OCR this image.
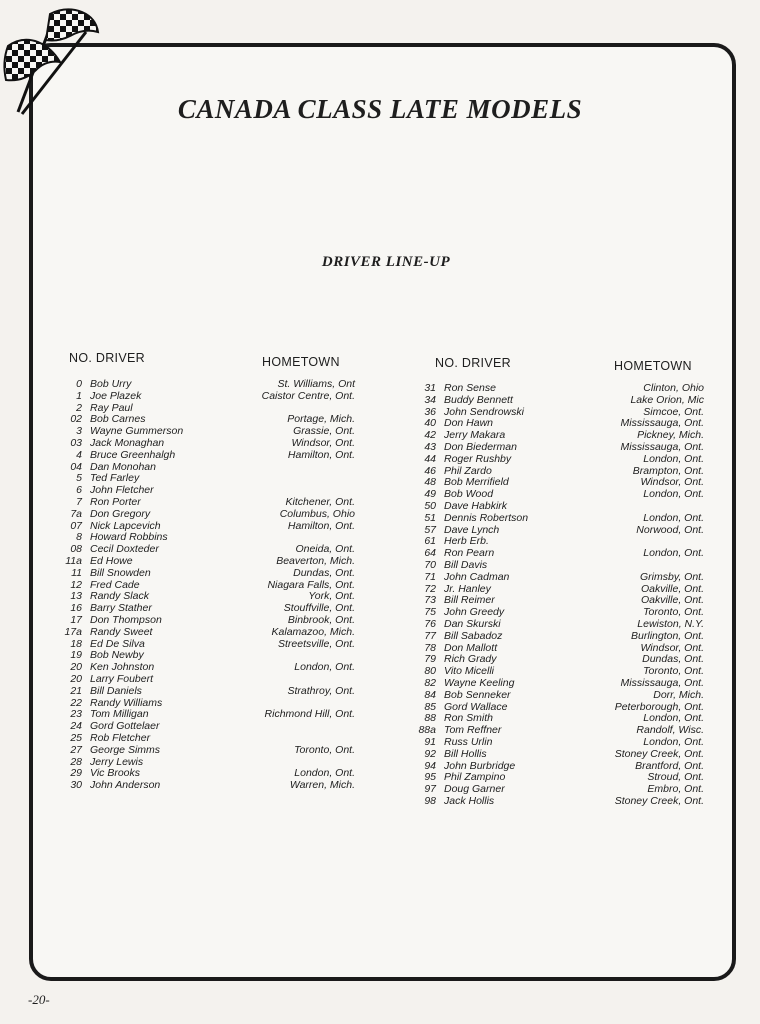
CANADA CLASS LATE MODELS
DRIVER LINE-UP
NO. DRIVER	HOMETOWN	NO. DRIVER	HOMETOWN
0 Bob Urry	St. Williams, Ont
1 Joe Plazek	Caistor Centre, Ont.
2 Ray Paul
02 Bob Carnes	Portage, Mich.
3 Wayne Gummerson	Grassie, Ont.
03 Jack Monaghan	Windsor, Ont.
4 Bruce Greenhalgh	Hamilton, Ont.
04 Dan Monohan
5 Ted Farley
6 John Fletcher
7 Ron Porter	Kitchener, Ont.
7a Don Gregory	Columbus, Ohio
07 Nick Lapcevich	Hamilton, Ont.
8 Howard Robbins
08 Cecil Doxteder	Oneida, Ont.
11a Ed Howe	Beaverton, Mich.
11 Bill Snowden	Dundas, Ont.
12 Fred Cade	Niagara Falls, Ont.
13 Randy Slack	York, Ont.
16 Barry Stather	Stouffville, Ont.
17 Don Thompson	Binbrook, Ont.
17a Randy Sweet	Kalamazoo, Mich.
18 Ed De Silva	Streetsville, Ont.
19 Bob Newby
20 Ken Johnston	London, Ont.
20 Larry Foubert
21 Bill Daniels	Strathroy, Ont.
22 Randy Williams
23 Tom Milligan	Richmond Hill, Ont.
24 Gord Gottelaer
25 Rob Fletcher
27 George Simms	Toronto, Ont.
28 Jerry Lewis
29 Vic Brooks	London, Ont.
30 John Anderson	Warren, Mich.
31 Ron Sense	Clinton, Ohio
34 Buddy Bennett	Lake Orion, Mic
36 John Sendrowski	Simcoe, Ont.
40 Don Hawn	Mississauga, Ont.
42 Jerry Makara	Pickney, Mich.
43 Don Biederman	Mississauga, Ont.
44 Roger Rushby	London, Ont.
46 Phil Zardo	Brampton, Ont.
48 Bob Merrifield	Windsor, Ont.
49 Bob Wood	London, Ont.
50 Dave Habkirk
51 Dennis Robertson	London, Ont.
57 Dave Lynch	Norwood, Ont.
61 Herb Erb.
64 Ron Pearn	London, Ont.
70 Bill Davis
71 John Cadman	Grimsby, Ont.
72 Jr. Hanley	Oakville, Ont.
73 Bill Reimer	Oakville, Ont.
75 John Greedy	Toronto, Ont.
76 Dan Skurski	Lewiston, N.Y.
77 Bill Sabadoz	Burlington, Ont.
78 Don Mallott	Windsor, Ont.
79 Rich Grady	Dundas, Ont.
80 Vito Micelli	Toronto, Ont.
82 Wayne Keeling	Mississauga, Ont.
84 Bob Senneker	Dorr, Mich.
85 Gord Wallace	Peterborough, Ont.
88 Ron Smith	London, Ont.
88a Tom Reffner	Randolf, Wisc.
91 Russ Urlin	London, Ont.
92 Bill Hollis	Stoney Creek, Ont.
94 John Burbridge	Brantford, Ont.
95 Phil Zampino	Stroud, Ont.
97 Doug Garner	Embro, Ont.
98 Jack Hollis	Stoney Creek, Ont.
-20-
